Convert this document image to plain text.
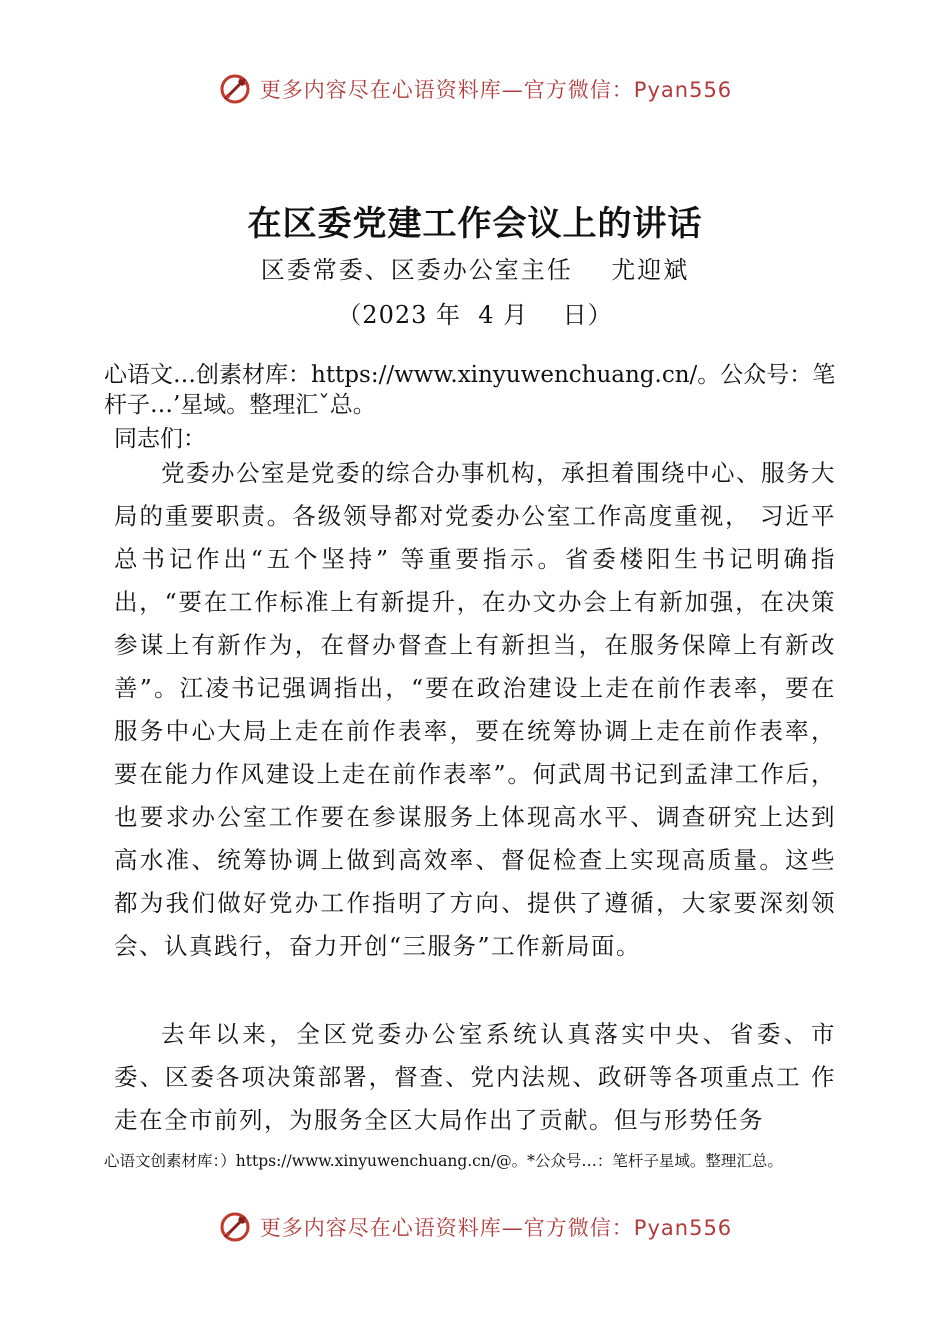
更多内容尽在心语资料库—官方微信：Pyan556
在区委党建工作会议上的讲话
区委常委、区委办公室主任    尤迎斌
（2023 年  4 月    日）

心语文…创素材库：https://www.xinyuwenchuang.cn/。公众号：笔杆子…’星域。整理汇ˇ总。

同志们：

党委办公室是党委的综合办事机构，承担着围绕中心、服务大局的重要职责。各级领导都对党委办公室工作高度重视， 习近平总书记作出“五个坚持” 等重要指示。省委楼阳生书记明确指出，“要在工作标准上有新提升，在办文办会上有新加强，在决策参谋上有新作为，在督办督查上有新担当，在服务保障上有新改善”。江凌书记强调指出，“要在政治建设上走在前作表率，要在服务中心大局上走在前作表率，要在统筹协调上走在前作表率，要在能力作风建设上走在前作表率”。何武周书记到孟津工作后，也要求办公室工作要在参谋服务上体现高水平、调查研究上达到高水准、统筹协调上做到高效率、督促检查上实现高质量。这些都为我们做好党办工作指明了方向、提供了遵循，大家要深刻领会、认真践行，奋力开创“三服务”工作新局面。

去年以来，全区党委办公室系统认真落实中央、省委、市 委、区委各项决策部署，督查、党内法规、政研等各项重点工 作走在全市前列，为服务全区大局作出了贡献。但与形势任务

心语文创素材库：）https://www.xinyuwenchuang.cn/@。*公众号…：笔杆子星域。整理汇总。

更多内容尽在心语资料库—官方微信：Pyan556
